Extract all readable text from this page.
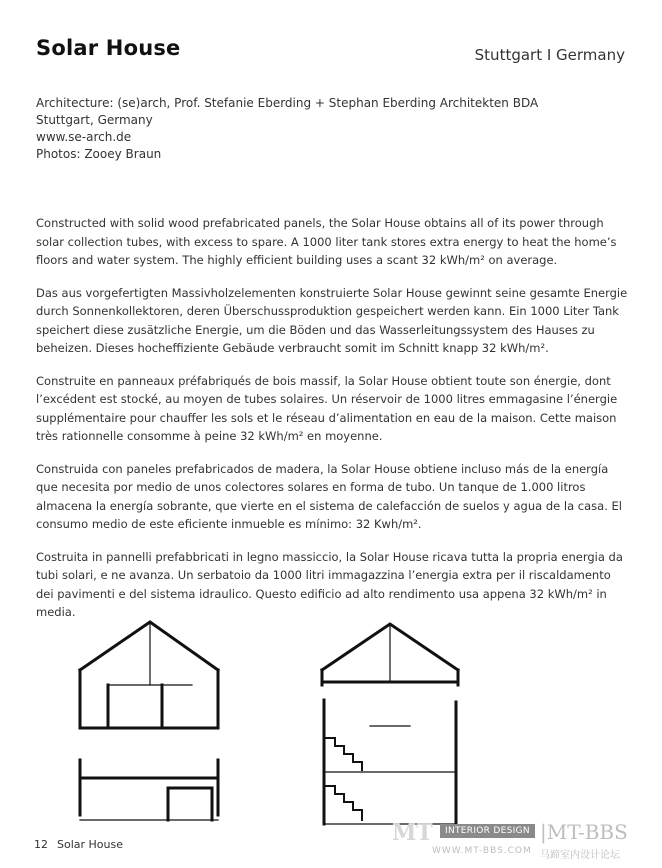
Solar House	Stuttgart I Germany
Architecture: (se)arch, Prof. Stefanie Eberding + Stephan Eberding Architekten BDA
Stuttgart, Germany
www.se-arch.de
Photos: Zooey Braun

Constructed with solid wood prefabricated panels, the Solar House obtains all of its power through solar collection tubes, with excess to spare. A 1000 liter tank stores extra energy to heat the home’s floors and water system. The highly efficient building uses a scant 32 kWh/m² on average.

Das aus vorgefertigten Massivholzelementen konstruierte Solar House gewinnt seine gesamte Energie durch Sonnenkollektoren, deren Überschussproduktion gespeichert werden kann. Ein 1000 Liter Tank speichert diese zusätzliche Energie, um die Böden und das Wasserleitungssystem des Hauses zu beheizen. Dieses hocheffiziente Gebäude verbraucht somit im Schnitt knapp 32 kWh/m².

Construite en panneaux préfabriqués de bois massif, la Solar House obtient toute son énergie, dont l’excédent est stocké, au moyen de tubes solaires. Un réservoir de 1000 litres emmagasine l’énergie supplémentaire pour chauffer les sols et le réseau d’alimentation en eau de la maison. Cette maison très rationnelle consomme à peine 32 kWh/m² en moyenne.

Construida con paneles prefabricados de madera, la Solar House obtiene incluso más de la energía que necesita por medio de unos colectores solares en forma de tubo. Un tanque de 1.000 litros almacena la energía sobrante, que vierte en el sistema de calefacción de suelos y agua de la casa. El consumo medio de este eficiente inmueble es mínimo: 32 Kwh/m².

Costruita in pannelli prefabbricati in legno massiccio, la Solar House ricava tutta la propria energia da tubi solari, e ne avanza. Un serbatoio da 1000 litri immagazzina l’energia extra per il riscaldamento dei pavimenti e del sistema idraulico. Questo edificio ad alto rendimento usa appena 32 kWh/m² in media.

12 Solar House	MT	INTERIOR DESIGN |MT-BBS
WWW.MT-BBS.COM 马蹄室内设计论坛
